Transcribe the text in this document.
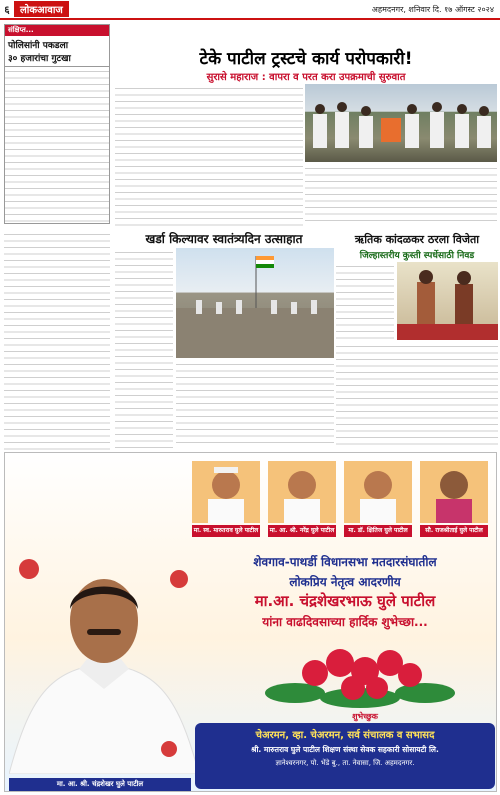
६	लोकआवाज	अहमदनगर, शनिवार दि. १७ ऑगस्ट २०२४
संक्षिप्त...
पोलिसांनी पकडला
३० हजारांचा गुटखा	टेके पाटील ट्रस्टचे कार्य परोपकारी!
सुरासे महाराज : वापरा व परत करा उपक्रमाची सुरुवात
खर्डा किल्यावर स्वातंत्र्यदिन उत्साहात	ऋतिक कांदळकर ठरला विजेता
जिल्हास्तरीय कुस्ती स्पर्धेसाठी निवड
मा. स्व. मारुतराव घुले पाटील मा. आ. श्री. नरेंद्र घुले पाटील	मा. डॉ. क्षितिज घुले पाटील	सौ. राजश्रीताई घुले पाटील
मा. आ. श्री. चंद्रशेखर घुले पाटील
शेवगाव-पाथर्डी विधानसभा मतदारसंघातील
लोकप्रिय नेतृत्व आदरणीय
मा.आ. चंद्रशेखरभाऊ घुले पाटील
यांना वाढदिवसाच्या हार्दिक शुभेच्छा...
शुभेच्छुक
चेअरमन, व्हा. चेअरमन, सर्व संचालक व सभासद
श्री. मारुतराव घुले पाटील शिक्षण संस्था सेवक सहकारी सोसायटी लि.
ज्ञानेश्वरनगर, पो. भेंडे बु., ता. नेवासा, जि. अहमदनगर.
